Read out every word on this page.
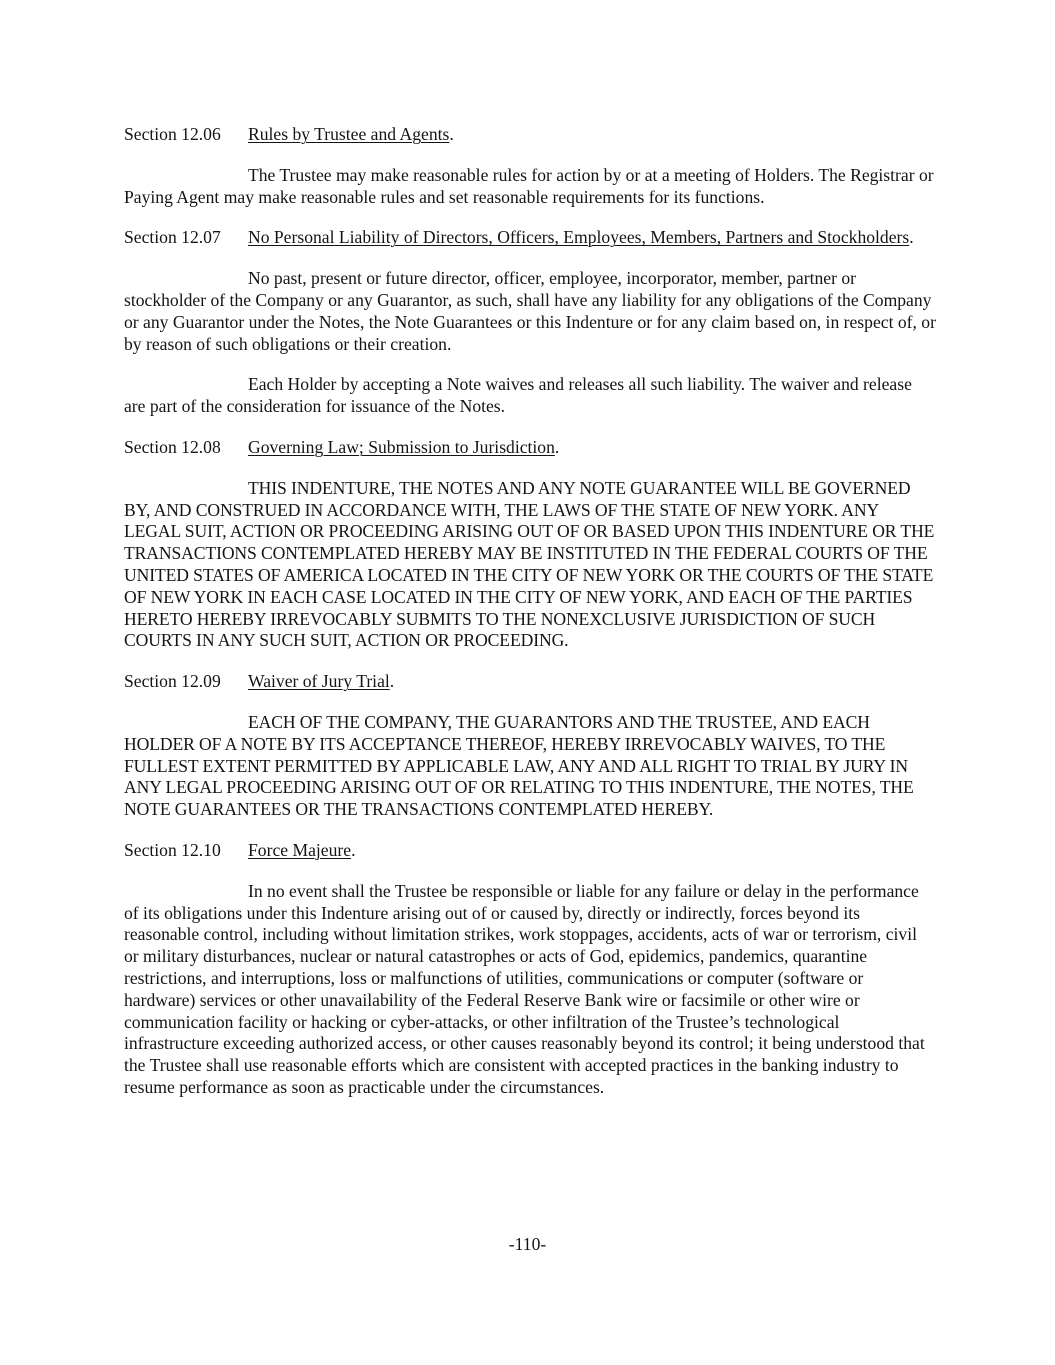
Section 12.06	Rules by Trustee and Agents.

The Trustee may make reasonable rules for action by or at a meeting of Holders. The Registrar or Paying Agent may make reasonable rules and set reasonable requirements for its functions.

Section 12.07	No Personal Liability of Directors, Officers, Employees, Members, Partners and Stockholders.

No past, present or future director, officer, employee, incorporator, member, partner or stockholder of the Company or any Guarantor, as such, shall have any liability for any obligations of the Company or any Guarantor under the Notes, the Note Guarantees or this Indenture or for any claim based on, in respect of, or by reason of such obligations or their creation.

Each Holder by accepting a Note waives and releases all such liability. The waiver and release are part of the consideration for issuance of the Notes.

Section 12.08	Governing Law; Submission to Jurisdiction.

THIS INDENTURE, THE NOTES AND ANY NOTE GUARANTEE WILL BE GOVERNED BY, AND CONSTRUED IN ACCORDANCE WITH, THE LAWS OF THE STATE OF NEW YORK. ANY LEGAL SUIT, ACTION OR PROCEEDING ARISING OUT OF OR BASED UPON THIS INDENTURE OR THE TRANSACTIONS CONTEMPLATED HEREBY MAY BE INSTITUTED IN THE FEDERAL COURTS OF THE UNITED STATES OF AMERICA LOCATED IN THE CITY OF NEW YORK OR THE COURTS OF THE STATE OF NEW YORK IN EACH CASE LOCATED IN THE CITY OF NEW YORK, AND EACH OF THE PARTIES HERETO HEREBY IRREVOCABLY SUBMITS TO THE NONEXCLUSIVE JURISDICTION OF SUCH COURTS IN ANY SUCH SUIT, ACTION OR PROCEEDING.

Section 12.09	Waiver of Jury Trial.

EACH OF THE COMPANY, THE GUARANTORS AND THE TRUSTEE, AND EACH HOLDER OF A NOTE BY ITS ACCEPTANCE THEREOF, HEREBY IRREVOCABLY WAIVES, TO THE FULLEST EXTENT PERMITTED BY APPLICABLE LAW, ANY AND ALL RIGHT TO TRIAL BY JURY IN ANY LEGAL PROCEEDING ARISING OUT OF OR RELATING TO THIS INDENTURE, THE NOTES, THE NOTE GUARANTEES OR THE TRANSACTIONS CONTEMPLATED HEREBY.

Section 12.10	Force Majeure.

In no event shall the Trustee be responsible or liable for any failure or delay in the performance of its obligations under this Indenture arising out of or caused by, directly or indirectly, forces beyond its reasonable control, including without limitation strikes, work stoppages, accidents, acts of war or terrorism, civil or military disturbances, nuclear or natural catastrophes or acts of God, epidemics, pandemics, quarantine restrictions, and interruptions, loss or malfunctions of utilities, communications or computer (software or hardware) services or other unavailability of the Federal Reserve Bank wire or facsimile or other wire or communication facility or hacking or cyber-attacks, or other infiltration of the Trustee’s technological infrastructure exceeding authorized access, or other causes reasonably beyond its control; it being understood that the Trustee shall use reasonable efforts which are consistent with accepted practices in the banking industry to resume performance as soon as practicable under the circumstances.

-110-
